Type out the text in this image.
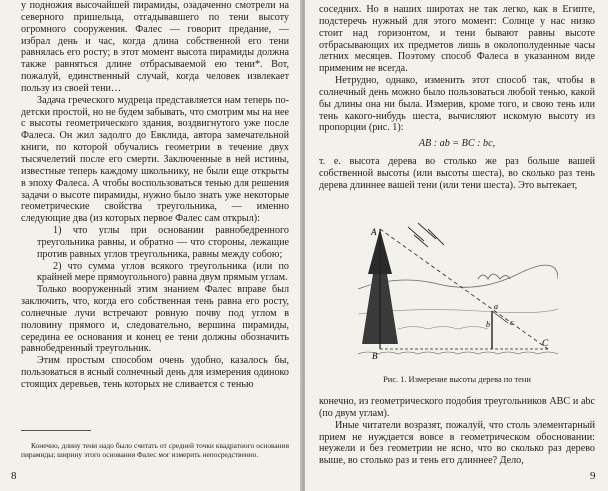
у подножия высочайшей пирамиды, озадаченно смотрели на северного пришельца, отгадывавшего по тени высоту огромного сооружения. Фалес — говорит предание, — избрал день и час, когда длина собственной его тени равнялась его росту; в этот момент высота пирамиды должна также равняться длине отбрасываемой ею тени*. Вот, пожалуй, единственный случай, когда человек извлекает пользу из своей тени…

Задача греческого мудреца представляется нам теперь по-детски простой, но не будем забывать, что смотрим мы на нее с высоты геометрического здания, воздвигнутого уже после Фалеса. Он жил задолго до Евклида, автора замечательной книги, по которой обучались геометрии в течение двух тысячелетий после его смерти. Заключенные в ней истины, известные теперь каждому школьнику, не были еще открыты в эпоху Фалеса. А чтобы воспользоваться тенью для решения задачи о высоте пирамиды, нужно было знать уже некоторые геометрические свойства треугольника, — именно следующие два (из которых первое Фалес сам открыл):

1) что углы при основании равнобедренного треугольника равны, и обратно — что стороны, лежащие против равных углов треугольника, равны между собою;

2) что сумма углов всякого треугольника (или по крайней мере прямоугольного) равна двум прямым углам.

Только вооруженный этим знанием Фалес вправе был заключить, что, когда его собственная тень равна его росту, солнечные лучи встречают ровную почву под углом в половину прямого и, следовательно, вершина пирамиды, середина ее основания и конец ее тени должны обозначить равнобедренный треугольник.

Этим простым способом очень удобно, казалось бы, пользоваться в ясный солнечный день для измерения одиноко стоящих деревьев, тень которых не сливается с тенью

Конечно, длину тени надо было считать от средней точки квадратного основания пирамиды; ширину этого основания Фалес мог измерить непосредственно.

8

соседних. Но в наших широтах не так легко, как в Египте, подстеречь нужный для этого момент: Солнце у нас низко стоит над горизонтом, и тени бывают равны высоте отбрасывающих их предметов лишь в околополуденные часы летних месяцев. Поэтому способ Фалеса в указанном виде применим не всегда.

Нетрудно, однако, изменить этот способ так, чтобы в солнечный день можно было пользоваться любой тенью, какой бы длины она ни была. Измерив, кроме того, и свою тень или тень какого-нибудь шеста, вычисляют искомую высоту из пропорции (рис. 1):

AB : ab = BC : bc,

т. е. высота дерева во столько же раз больше вашей собственной высоты (или высоты шеста), во сколько раз тень дерева длиннее вашей тени (или тени шеста). Это вытекает,

A
B
C
a
b	c
Рис. 1. Измерение высоты дерева по тени

конечно, из геометрического подобия треугольников ABC и abc (по двум углам).

Иные читатели возразят, пожалуй, что столь элементарный прием не нуждается вовсе в геометрическом обосновании: неужели и без геометрии не ясно, что во сколько раз дерево выше, во столько раз и тень его длиннее? Дело,

9
